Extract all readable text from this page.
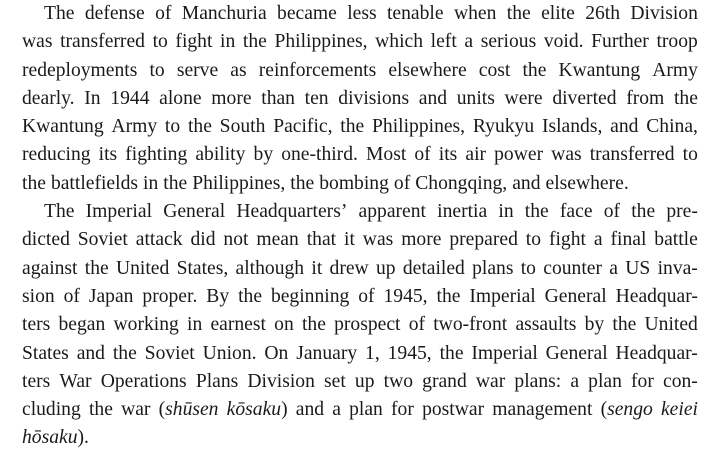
The defense of Manchuria became less tenable when the elite 26th Division
was transferred to fight in the Philippines, which left a serious void. Further troop
redeployments to serve as reinforcements elsewhere cost the Kwantung Army
dearly. In 1944 alone more than ten divisions and units were diverted from the
Kwantung Army to the South Pacific, the Philippines, Ryukyu Islands, and China,
reducing its fighting ability by one-third. Most of its air power was transferred to
the battlefields in the Philippines, the bombing of Chongqing, and elsewhere.
The Imperial General Headquarters’ apparent inertia in the face of the pre-
dicted Soviet attack did not mean that it was more prepared to fight a final battle
against the United States, although it drew up detailed plans to counter a US inva-
sion of Japan proper. By the beginning of 1945, the Imperial General Headquar-
ters began working in earnest on the prospect of two-front assaults by the United
States and the Soviet Union. On January 1, 1945, the Imperial General Headquar-
ters War Operations Plans Division set up two grand war plans: a plan for con-
cluding the war (shūsen kōsaku) and a plan for postwar management (sengo keiei
hōsaku).
